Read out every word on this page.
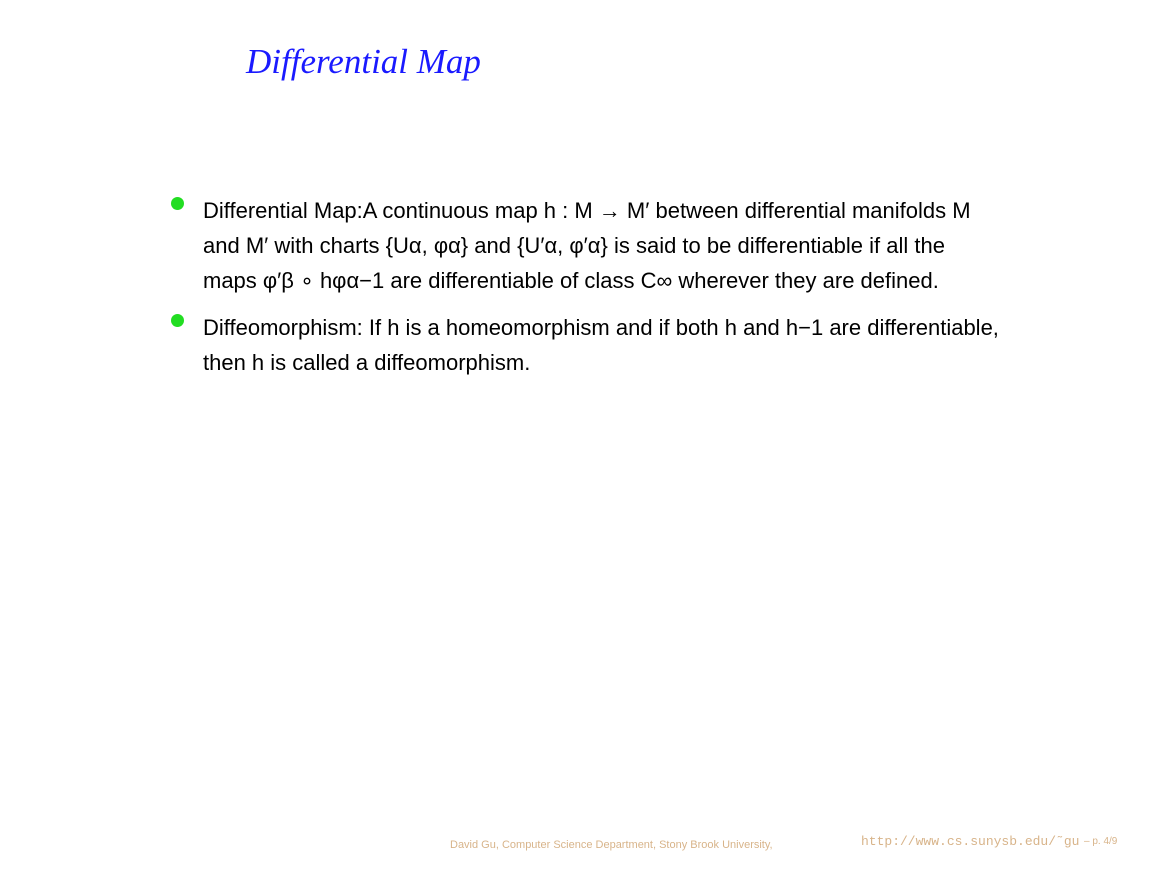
Differential Map
Differential Map:A continuous map h : M → M′ between differential manifolds M
and M′ with charts {Uα, φα} and {U′α, φ′α} is said to be differentiable if all the
maps φ′β ∘ hφα−1 are differentiable of class C∞ wherever they are defined.
Diffeomorphism: If h is a homeomorphism and if both h and h−1 are differentiable,
then h is called a diffeomorphism.
David Gu, Computer Science Department, Stony Brook University,	http://www.cs.sunysb.edu/˜gu – p. 4/9
